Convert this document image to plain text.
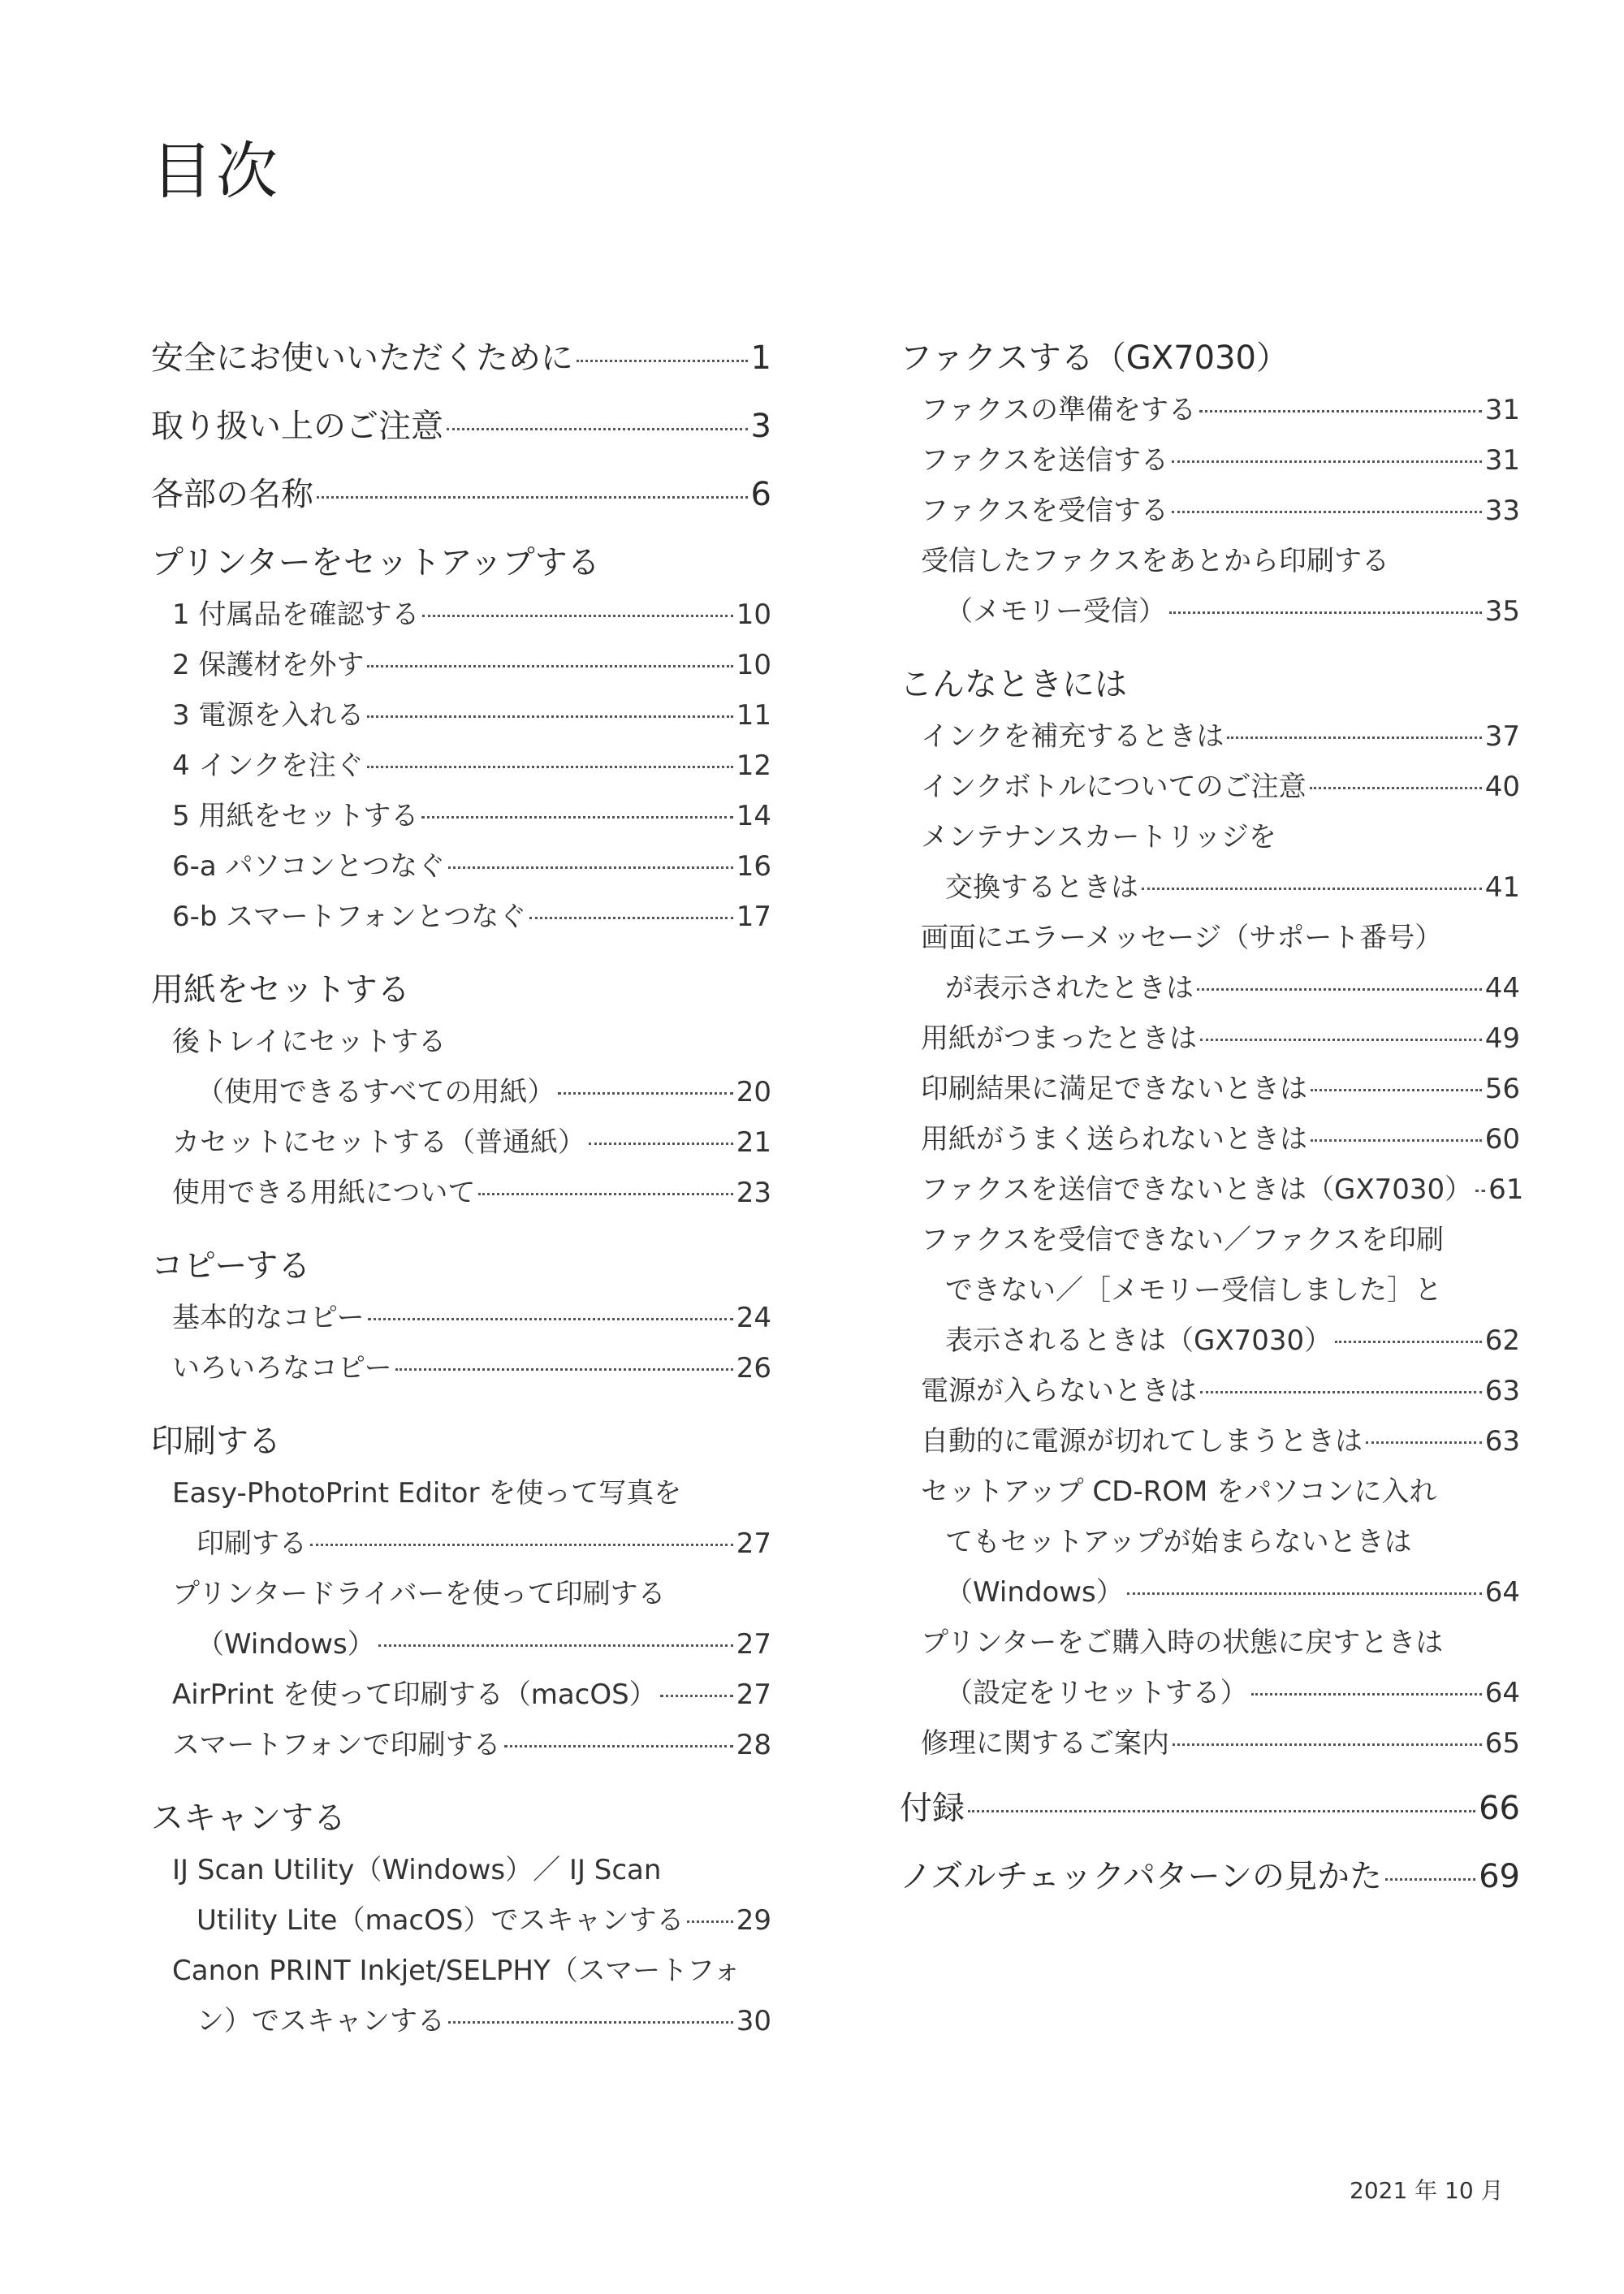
目次
安全にお使いいただくために	1
取り扱い上のご注意	3
各部の名称	6
プリンターをセットアップする
1 付属品を確認する	10
2 保護材を外す	10
3 電源を入れる	11
4 インクを注ぐ	12
5 用紙をセットする	14
6-a パソコンとつなぐ	16
6-b スマートフォンとつなぐ	17
用紙をセットする
後トレイにセットする
（使用できるすべての用紙）	20
カセットにセットする（普通紙）	21
使用できる用紙について	23
コピーする
基本的なコピー	24
いろいろなコピー	26
印刷する
Easy-PhotoPrint Editor を使って写真を
印刷する	27
プリンタードライバーを使って印刷する
（Windows）	27
AirPrint を使って印刷する（macOS）	27
スマートフォンで印刷する	28
スキャンする
IJ Scan Utility（Windows）／ IJ Scan
Utility Lite（macOS）でスキャンする 29
Canon PRINT Inkjet/SELPHY（スマートフォ
ン）でスキャンする	30
ファクスする（GX7030）
ファクスの準備をする	31
ファクスを送信する	31
ファクスを受信する	33
受信したファクスをあとから印刷する
（メモリー受信）	35
こんなときには
インクを補充するときは	37
インクボトルについてのご注意	40
メンテナンスカートリッジを
交換するときは	41
画面にエラーメッセージ（サポート番号）
が表示されたときは	44
用紙がつまったときは	49
印刷結果に満足できないときは	56
用紙がうまく送られないときは	60
ファクスを送信できないときは（GX7030） 61
ファクスを受信できない／ファクスを印刷
できない／［メモリー受信しました］と
表示されるときは（GX7030）	62
電源が入らないときは	63
自動的に電源が切れてしまうときは	63
セットアップ CD-ROM をパソコンに入れ
てもセットアップが始まらないときは
（Windows）	64
プリンターをご購入時の状態に戻すときは
（設定をリセットする）	64
修理に関するご案内	65
付録	66
ノズルチェックパターンの見かた	69
2021 年 10 月
